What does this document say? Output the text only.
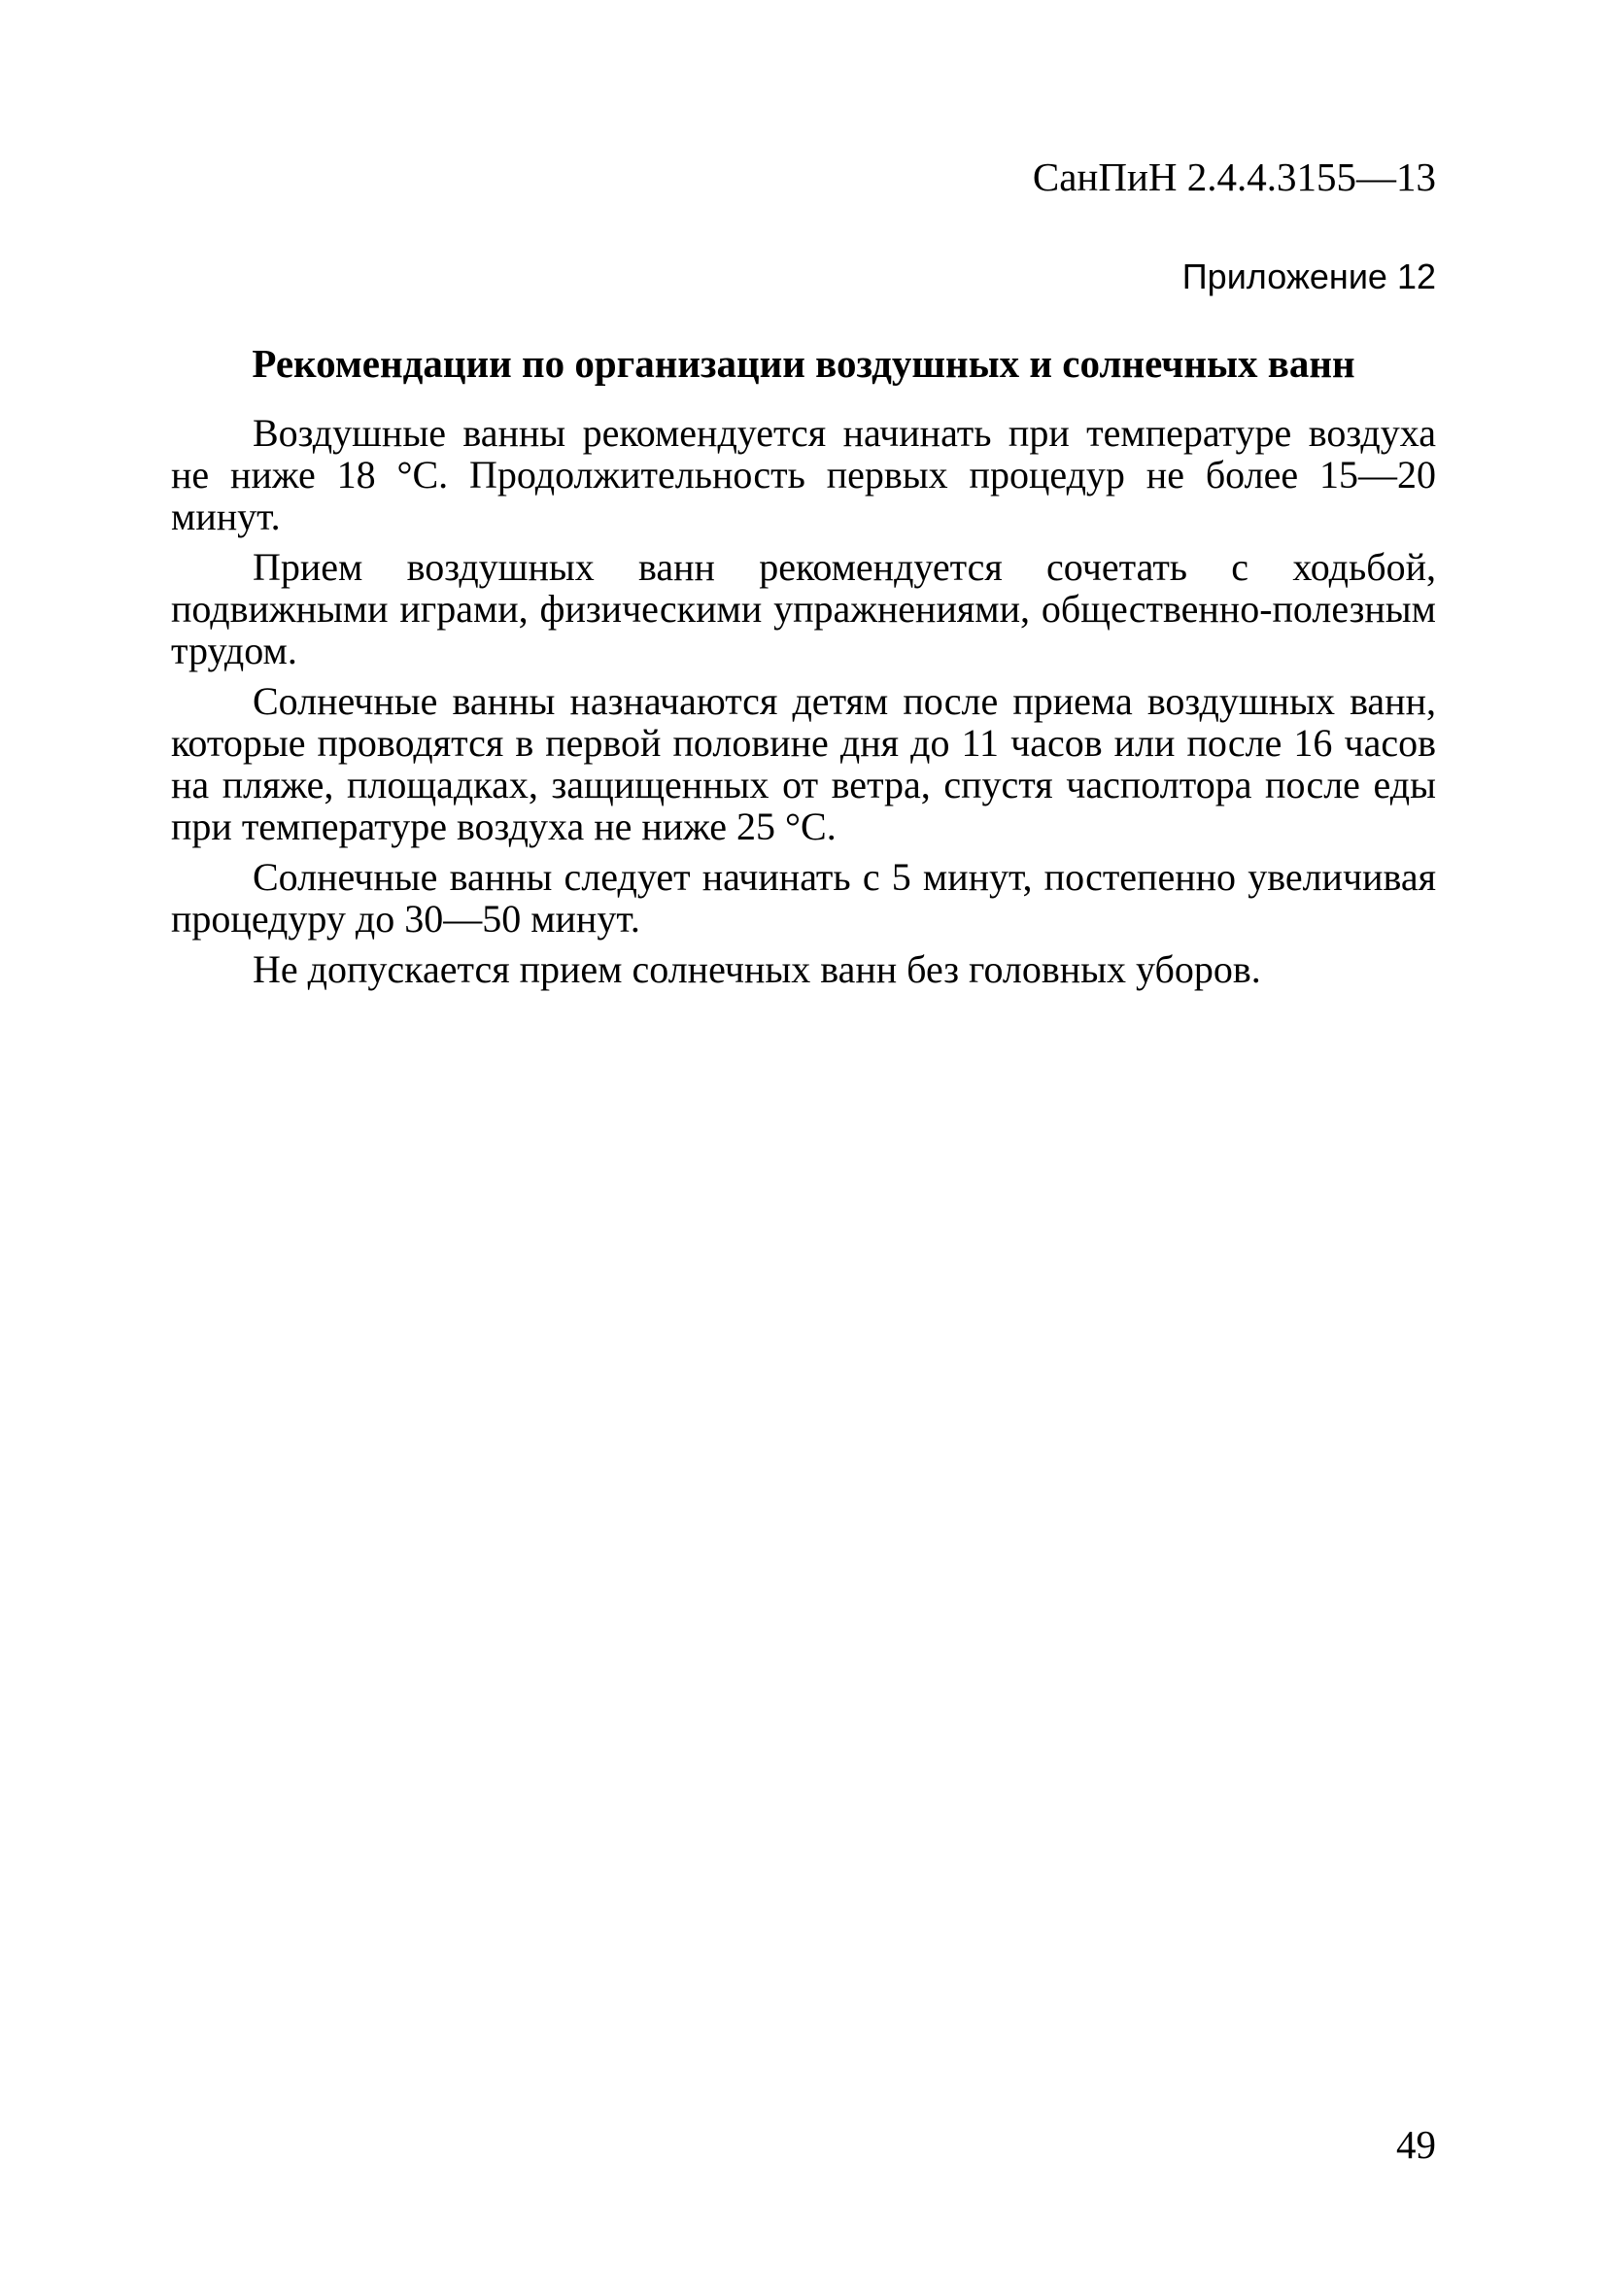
СанПиН 2.4.4.3155—13
Приложение 12
Рекомендации по организации воздушных и солнечных ванн

Воздушные ванны рекомендуется начинать при температуре воздуха не ниже 18 °С. Продолжительность первых процедур не более 15—20 минут.

Прием воздушных ванн рекомендуется сочетать с ходьбой, подвижными играми, физическими упражнениями, общественно-полезным трудом.

Солнечные ванны назначаются детям после приема воздушных ванн, которые проводятся в первой половине дня до 11 часов или после 16 часов на пляже, площадках, защищенных от ветра, спустя часполтора после еды при температуре воздуха не ниже 25 °С.

Солнечные ванны следует начинать с 5 минут, постепенно увеличивая процедуру до 30—50 минут.

Не допускается прием солнечных ванн без головных уборов.

49
